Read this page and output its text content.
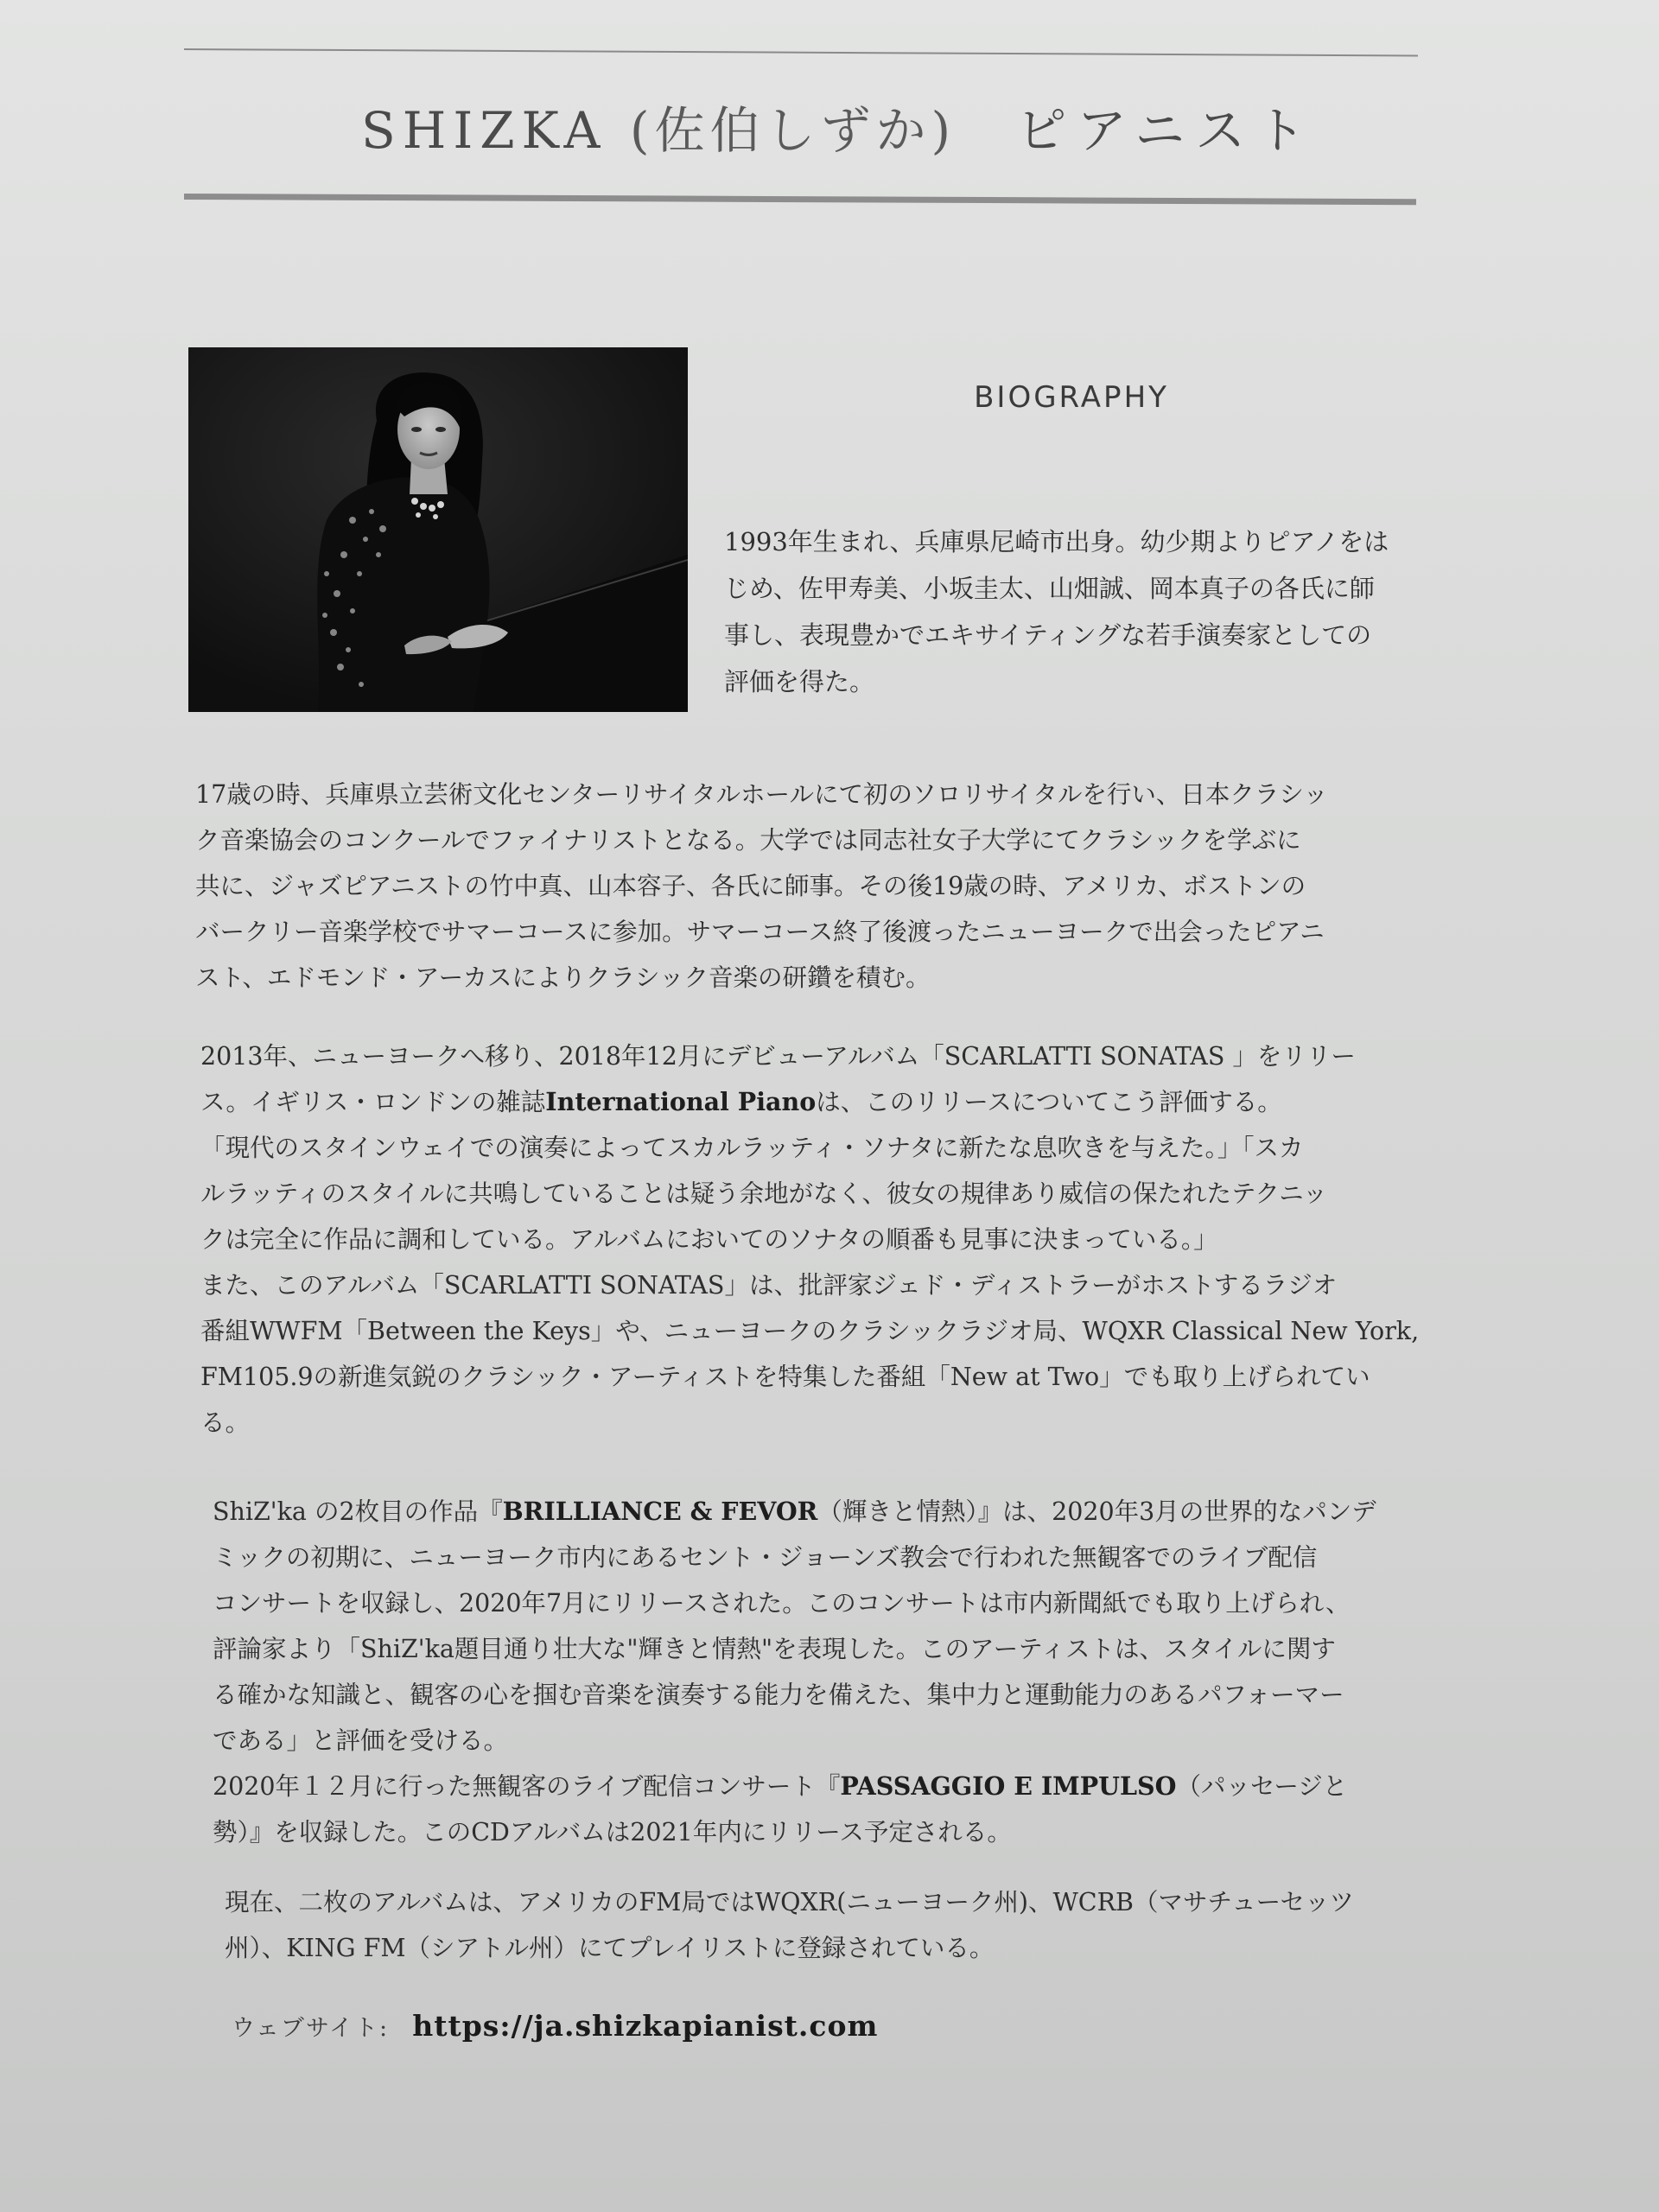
SHIZKA (佐伯しずか) ピアニスト
BIOGRAPHY

1993年生まれ、兵庫県尼崎市出身。幼少期よりピアノをは
じめ、佐甲寿美、小坂圭太、山畑誠、岡本真子の各氏に師
事し、表現豊かでエキサイティングな若手演奏家としての
評価を得た。

17歳の時、兵庫県立芸術文化センターリサイタルホールにて初のソロリサイタルを行い、日本クラシッ
ク音楽協会のコンクールでファイナリストとなる。大学では同志社女子大学にてクラシックを学ぶに
共に、ジャズピアニストの竹中真、山本容子、各氏に師事。その後19歳の時、アメリカ、ボストンの
バークリー音楽学校でサマーコースに参加。サマーコース終了後渡ったニューヨークで出会ったピアニ
スト、エドモンド・アーカスによりクラシック音楽の研鑽を積む。

2013年、ニューヨークへ移り、2018年12月にデビューアルバム「SCARLATTI SONATAS 」をリリー
ス。イギリス・ロンドンの雑誌International Pianoは、このリリースについてこう評価する。
「現代のスタインウェイでの演奏によってスカルラッティ・ソナタに新たな息吹きを与えた。」「スカ
ルラッティのスタイルに共鳴していることは疑う余地がなく、彼女の規律あり威信の保たれたテクニッ
クは完全に作品に調和している。アルバムにおいてのソナタの順番も見事に決まっている。」
また、このアルバム「SCARLATTI SONATAS」は、批評家ジェド・ディストラーがホストするラジオ
番組WWFM「Between the Keys」や、ニューヨークのクラシックラジオ局、WQXR Classical New York,
FM105.9の新進気鋭のクラシック・アーティストを特集した番組「New at Two」でも取り上げられてい
る。

ShiZ'ka の2枚目の作品『BRILLIANCE & FEVOR（輝きと情熱）』は、2020年3月の世界的なパンデ
ミックの初期に、ニューヨーク市内にあるセント・ジョーンズ教会で行われた無観客でのライブ配信
コンサートを収録し、2020年7月にリリースされた。このコンサートは市内新聞紙でも取り上げられ、
評論家より「ShiZ'ka題目通り壮大な"輝きと情熱"を表現した。このアーティストは、スタイルに関す
る確かな知識と、観客の心を掴む音楽を演奏する能力を備えた、集中力と運動能力のあるパフォーマー
である」と評価を受ける。
2020年１２月に行った無観客のライブ配信コンサート『PASSAGGIO E IMPULSO（パッセージと
勢）』を収録した。このCDアルバムは2021年内にリリース予定される。

現在、二枚のアルバムは、アメリカのFM局ではWQXR(ニューヨーク州)、WCRB（マサチューセッツ
州）、KING FM（シアトル州）にてプレイリストに登録されている。

ウェブサイト: https://ja.shizkapianist.com
